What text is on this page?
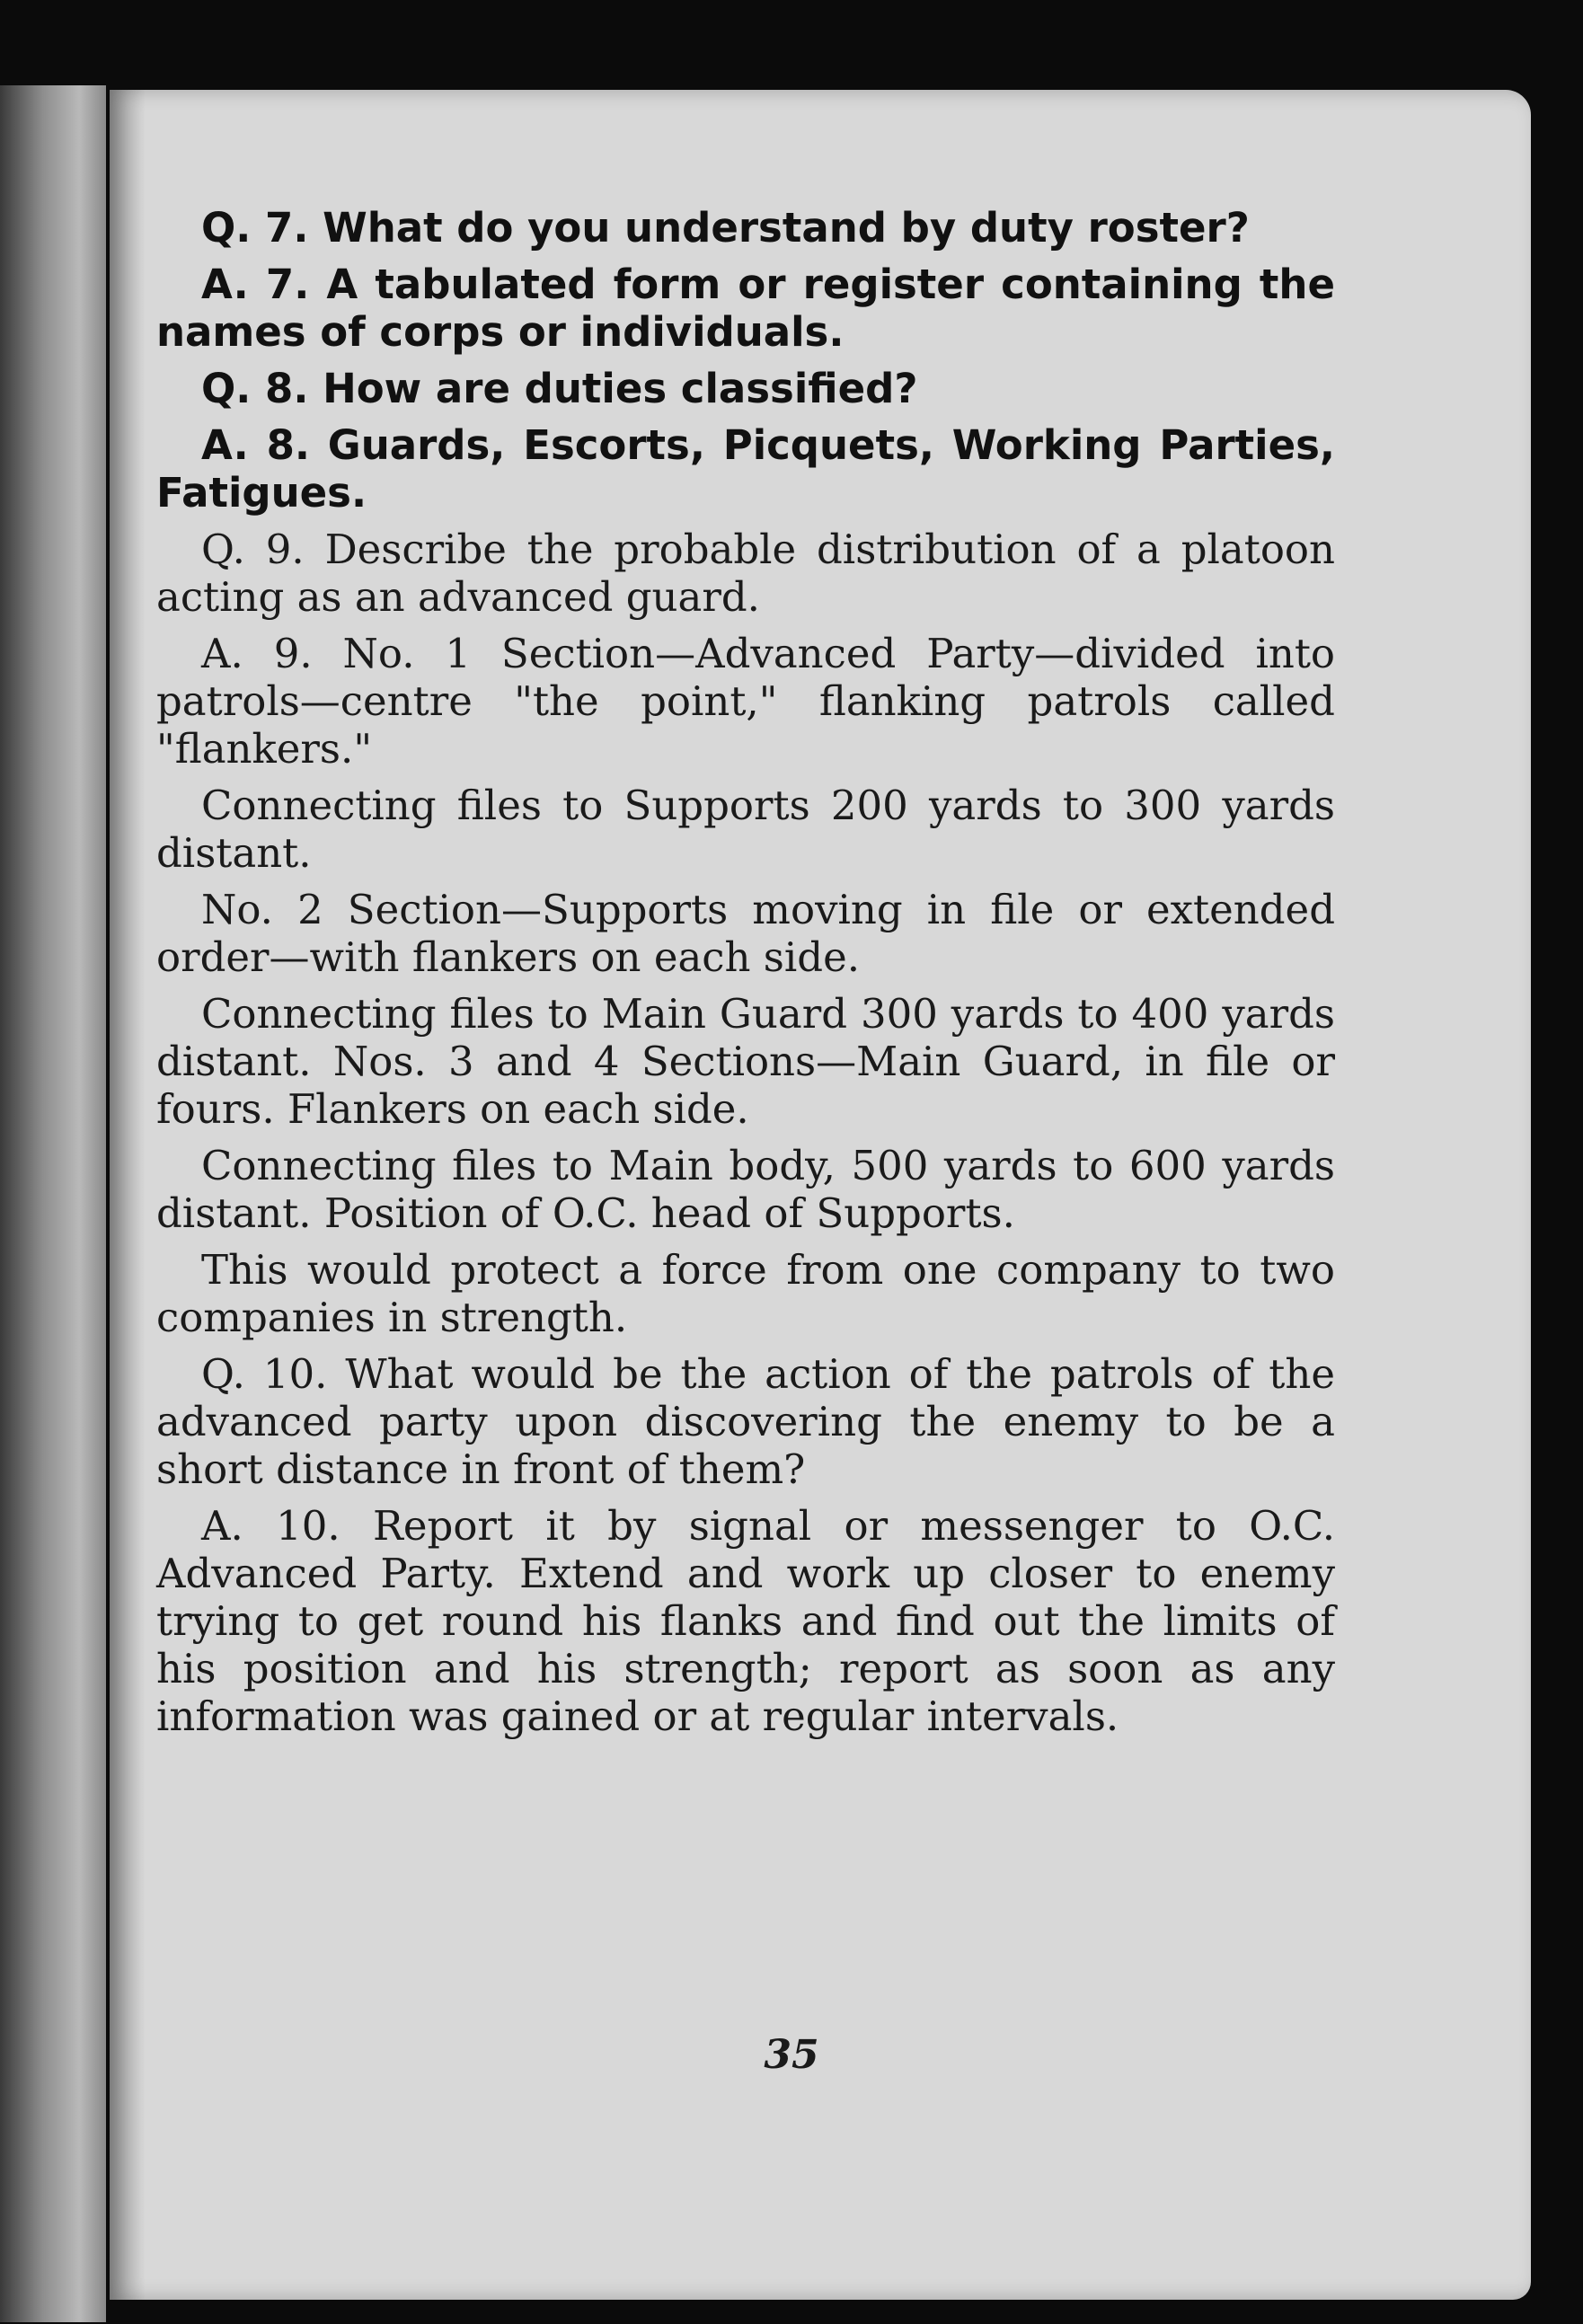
Q. 7. What do you understand by duty roster?

A. 7. A tabulated form or register containing the names of corps or individuals.

Q. 8. How are duties classified?

A. 8. Guards, Escorts, Picquets, Working Parties, Fatigues.

Q. 9. Describe the probable distribution of a platoon acting as an advanced guard.

A. 9. No. 1 Section—Advanced Party—divided into patrols—centre "the point," flanking patrols called "flankers."

Connecting files to Supports 200 yards to 300 yards distant.

No. 2 Section—Supports moving in file or extended order—with flankers on each side.

Connecting files to Main Guard 300 yards to 400 yards distant. Nos. 3 and 4 Sections—Main Guard, in file or fours. Flankers on each side.

Connecting files to Main body, 500 yards to 600 yards distant. Position of O.C. head of Supports.

This would protect a force from one company to two companies in strength.

Q. 10. What would be the action of the patrols of the advanced party upon discovering the enemy to be a short distance in front of them?

A. 10. Report it by signal or messenger to O.C. Advanced Party. Extend and work up closer to enemy trying to get round his flanks and find out the limits of his position and his strength; report as soon as any information was gained or at regular intervals.

35
